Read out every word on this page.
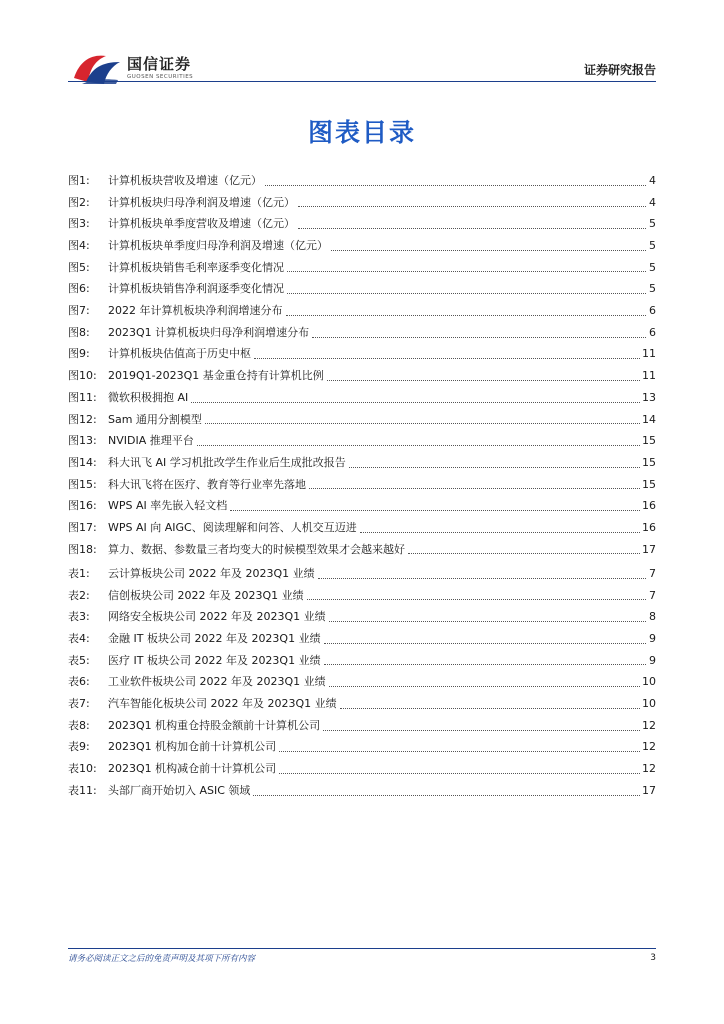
国信证券
GUOSEN SECURITIES	证券研究报告
图表目录
图1:	计算机板块营收及增速（亿元）	4
图2:	计算机板块归母净利润及增速（亿元）	4
图3:	计算机板块单季度营收及增速（亿元）	5
图4:	计算机板块单季度归母净利润及增速（亿元）	5
图5:	计算机板块销售毛利率逐季变化情况	5
图6:	计算机板块销售净利润逐季变化情况	5
图7:	2022 年计算机板块净利润增速分布	6
图8:	2023Q1 计算机板块归母净利润增速分布	6
图9:	计算机板块估值高于历史中枢	11
图10:	2019Q1-2023Q1 基金重仓持有计算机比例	11
图11:	微软积极拥抱 AI	13
图12:	Sam 通用分割模型	14
图13:	NVIDIA 推理平台	15
图14:	科大讯飞 AI 学习机批改学生作业后生成批改报告	15
图15:	科大讯飞将在医疗、教育等行业率先落地	15
图16:	WPS AI 率先嵌入轻文档	16
图17:	WPS AI 向 AIGC、阅读理解和问答、人机交互迈进	16
图18:	算力、数据、参数量三者均变大的时候模型效果才会越来越好	17
表1:	云计算板块公司 2022 年及 2023Q1 业绩	7
表2:	信创板块公司 2022 年及 2023Q1 业绩	7
表3:	网络安全板块公司 2022 年及 2023Q1 业绩	8
表4:	金融 IT 板块公司 2022 年及 2023Q1 业绩	9
表5:	医疗 IT 板块公司 2022 年及 2023Q1 业绩	9
表6:	工业软件板块公司 2022 年及 2023Q1 业绩	10
表7:	汽车智能化板块公司 2022 年及 2023Q1 业绩	10
表8:	2023Q1 机构重仓持股金额前十计算机公司	12
表9:	2023Q1 机构加仓前十计算机公司	12
表10:	2023Q1 机构减仓前十计算机公司	12
表11:	头部厂商开始切入 ASIC 领域	17
请务必阅读正文之后的免责声明及其项下所有内容	3
